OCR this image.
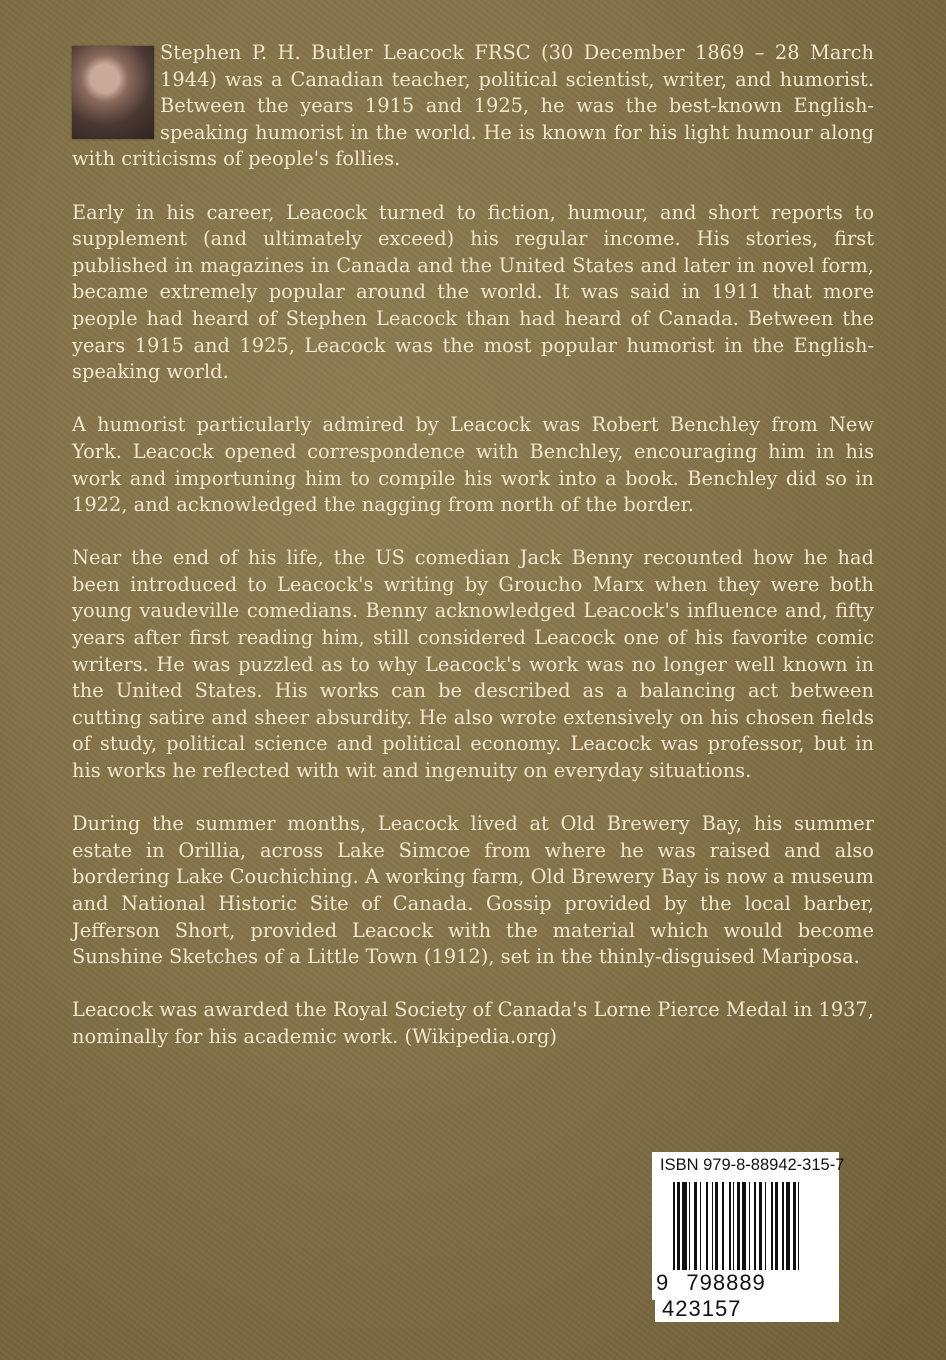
Stephen P. H. Butler Leacock FRSC (30 December 1869 – 28 March 1944) was a Canadian teacher, political scientist, writer, and humorist. Between the years 1915 and 1925, he was the best-known English-speaking humorist in the world. He is known for his light humour along with criticisms of people's follies.

Early in his career, Leacock turned to fiction, humour, and short reports to supplement (and ultimately exceed) his regular income. His stories, first published in magazines in Canada and the United States and later in novel form, became extremely popular around the world. It was said in 1911 that more people had heard of Stephen Leacock than had heard of Canada. Between the years 1915 and 1925, Leacock was the most popular humorist in the English-speaking world.

A humorist particularly admired by Leacock was Robert Benchley from New York. Leacock opened correspondence with Benchley, encouraging him in his work and importuning him to compile his work into a book. Benchley did so in 1922, and acknowledged the nagging from north of the border.

Near the end of his life, the US comedian Jack Benny recounted how he had been introduced to Leacock's writing by Groucho Marx when they were both young vaudeville comedians. Benny acknowledged Leacock's influence and, fifty years after first reading him, still considered Leacock one of his favorite comic writers. He was puzzled as to why Leacock's work was no longer well known in the United States. His works can be described as a balancing act between cutting satire and sheer absurdity. He also wrote extensively on his chosen fields of study, political science and political economy. Leacock was professor, but in his works he reflected with wit and ingenuity on everyday situations.

During the summer months, Leacock lived at Old Brewery Bay, his summer estate in Orillia, across Lake Simcoe from where he was raised and also bordering Lake Couchiching. A working farm, Old Brewery Bay is now a museum and National Historic Site of Canada. Gossip provided by the local barber, Jefferson Short, provided Leacock with the material which would become Sunshine Sketches of a Little Town (1912), set in the thinly-disguised Mariposa.

Leacock was awarded the Royal Society of Canada's Lorne Pierce Medal in 1937, nominally for his academic work. (Wikipedia.org)

ISBN 979-8-88942-315-7
9 798889 423157
